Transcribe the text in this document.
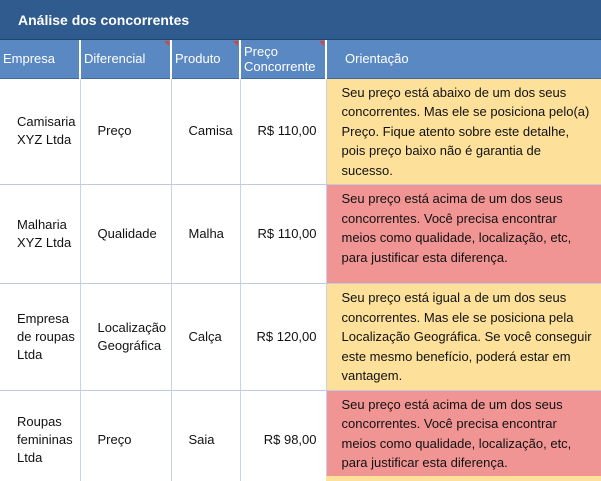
Análise dos concorrentes
Empresa	Diferencial	Produto	Preço Concorrente	Orientação
Camisaria XYZ Ltda	Preço	Camisa	R$ 110,00	Seu preço está abaixo de um dos seus concorrentes. Mas ele se posiciona pelo(a) Preço. Fique atento sobre este detalhe, pois preço baixo não é garantia de sucesso.
Malharia XYZ Ltda	Qualidade	Malha	R$ 110,00	Seu preço está acima de um dos seus concorrentes. Você precisa encontrar meios como qualidade, localização, etc, para justificar esta diferença.
Empresa de roupas Ltda	Localização Geográfica	Calça	R$ 120,00	Seu preço está igual a de um dos seus concorrentes. Mas ele se posiciona pela Localização Geográfica. Se você conseguir este mesmo benefício, poderá estar em vantagem.
Roupas femininas Ltda	Preço	Saia	R$ 98,00	Seu preço está acima de um dos seus concorrentes. Você precisa encontrar meios como qualidade, localização, etc, para justificar esta diferença.
